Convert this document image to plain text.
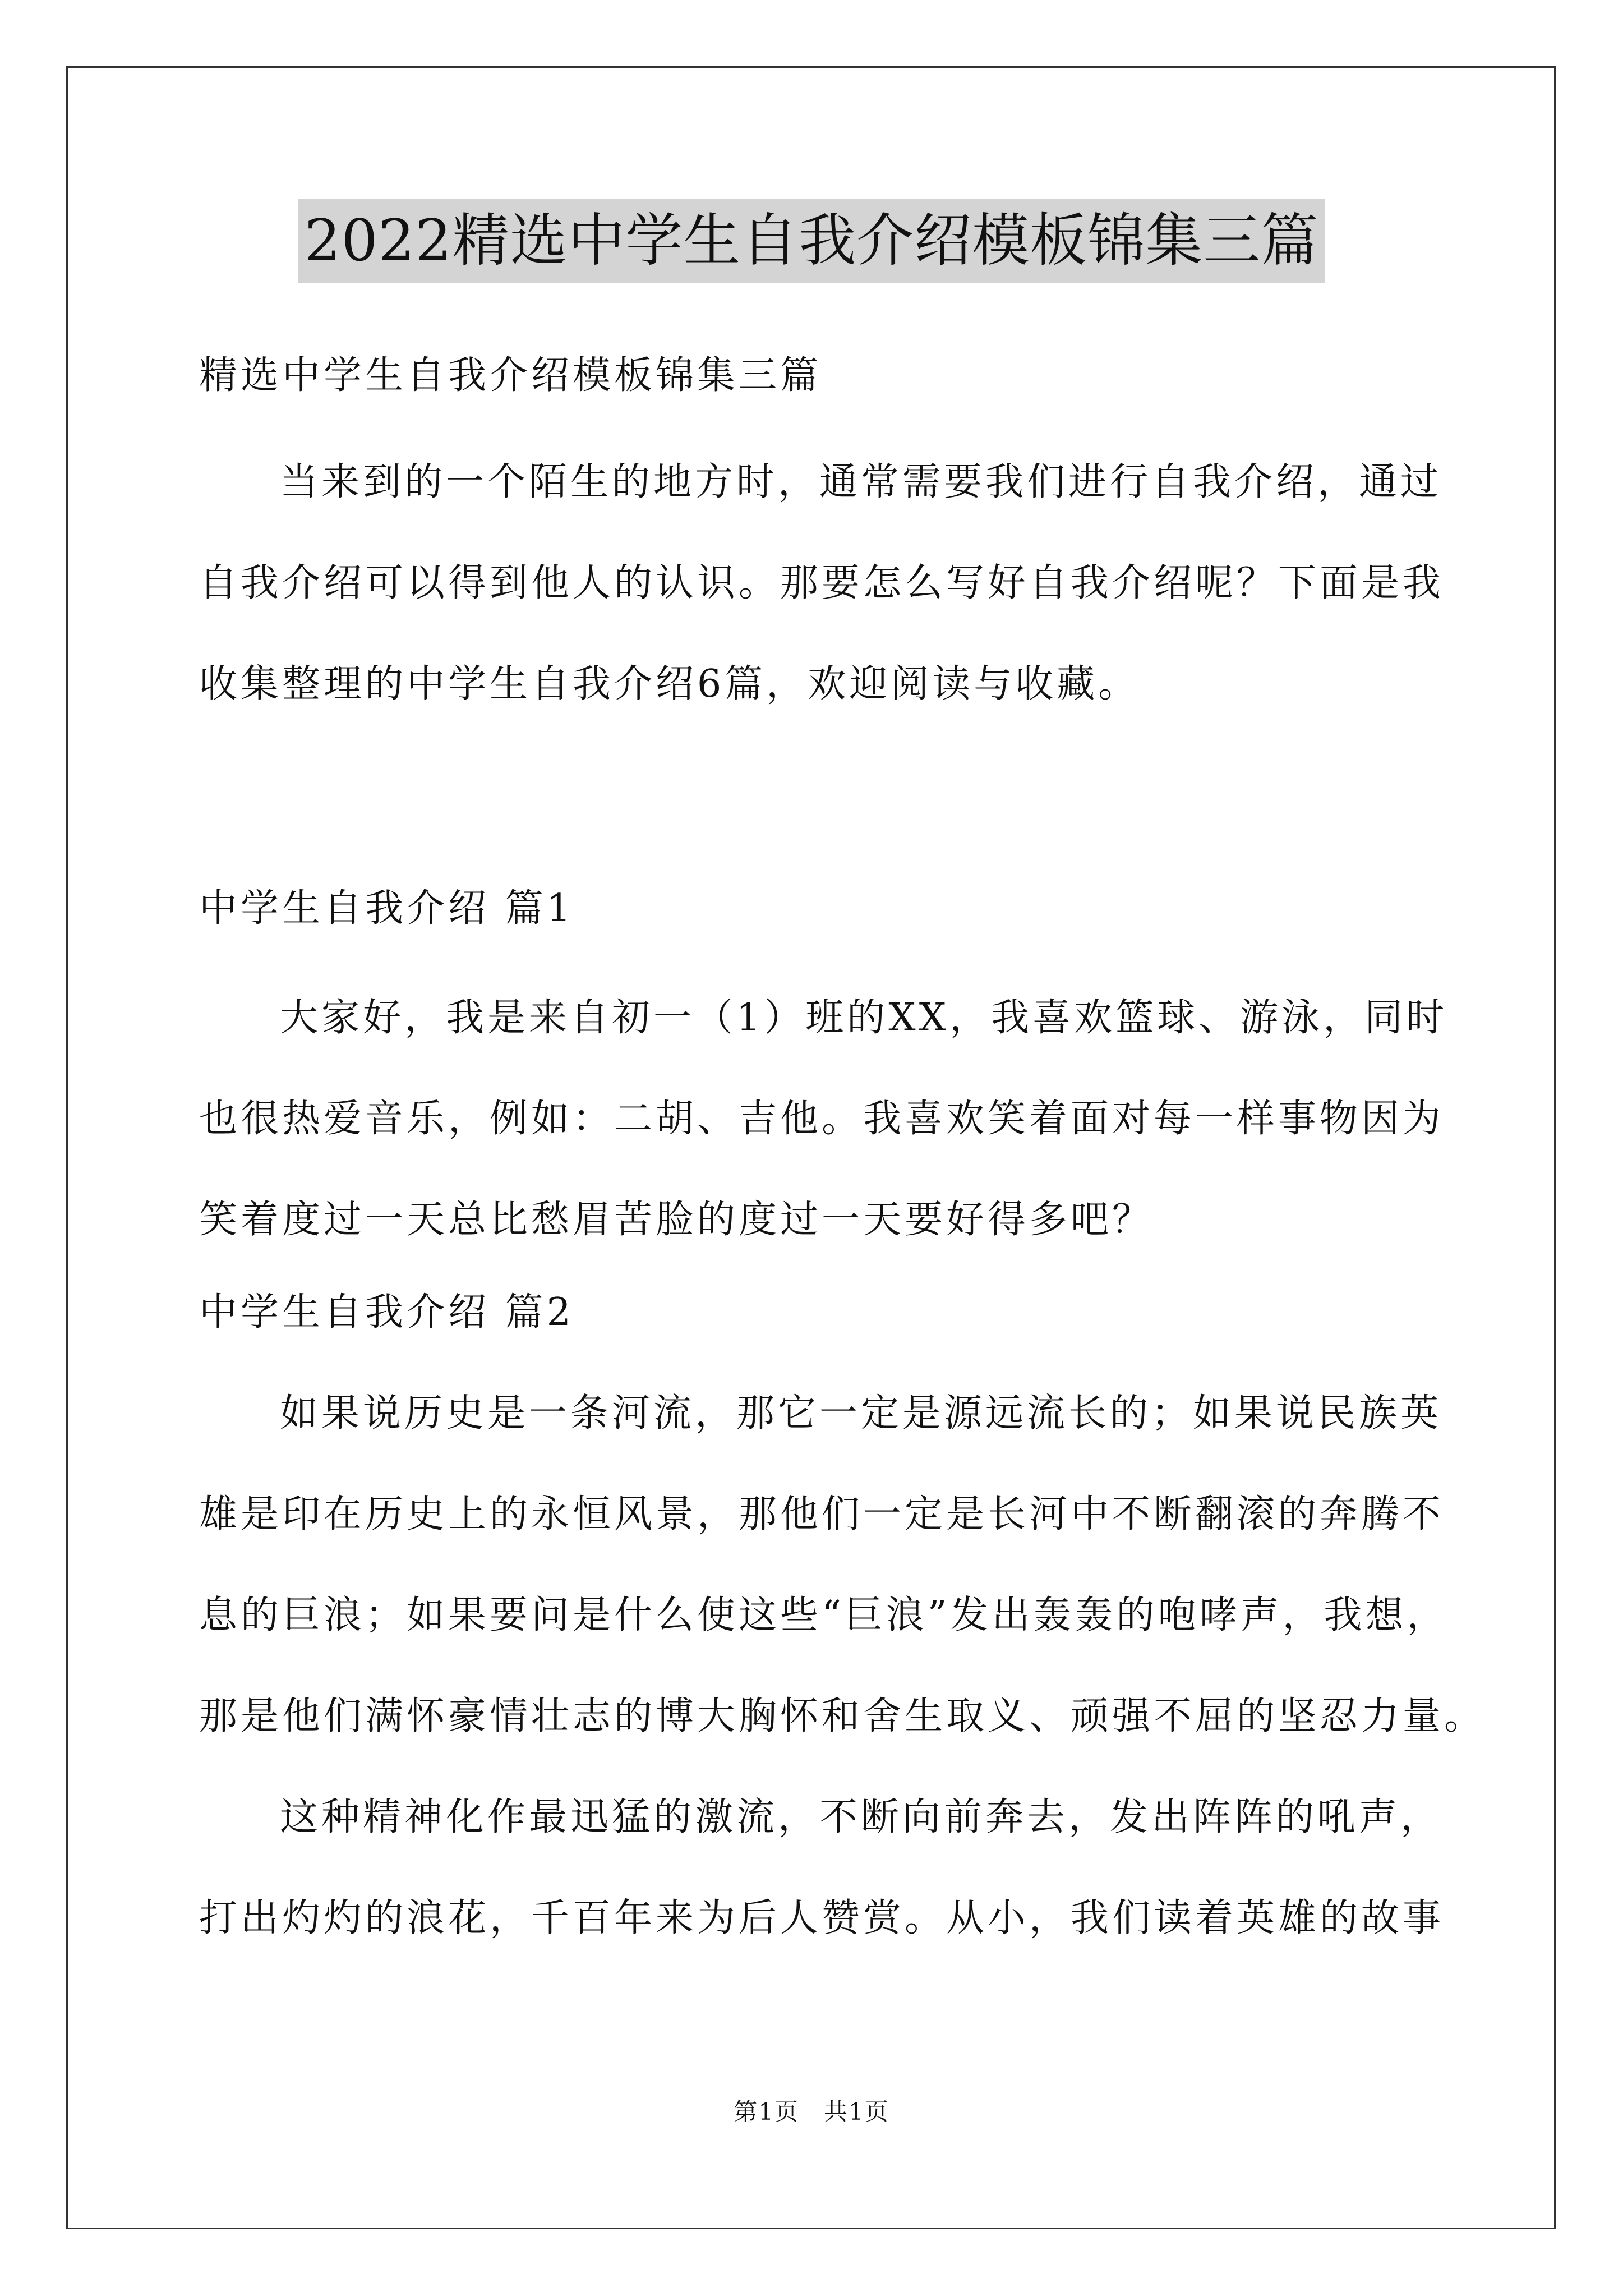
2022精选中学生自我介绍模板锦集三篇
精选中学生自我介绍模板锦集三篇
当来到的一个陌生的地方时，通常需要我们进行自我介绍，通过
自我介绍可以得到他人的认识。那要怎么写好自我介绍呢？下面是我
收集整理的中学生自我介绍6篇，欢迎阅读与收藏。
中学生自我介绍 篇1
大家好，我是来自初一（1）班的XX，我喜欢篮球、游泳，同时
也很热爱音乐，例如：二胡、吉他。我喜欢笑着面对每一样事物因为
笑着度过一天总比愁眉苦脸的度过一天要好得多吧？
中学生自我介绍 篇2
如果说历史是一条河流，那它一定是源远流长的；如果说民族英
雄是印在历史上的永恒风景，那他们一定是长河中不断翻滚的奔腾不
息的巨浪；如果要问是什么使这些“巨浪”发出轰轰的咆哮声，我想，
那是他们满怀豪情壮志的博大胸怀和舍生取义、顽强不屈的坚忍力量。
这种精神化作最迅猛的激流，不断向前奔去，发出阵阵的吼声，
打出灼灼的浪花，千百年来为后人赞赏。从小，我们读着英雄的故事
第1页　共1页
